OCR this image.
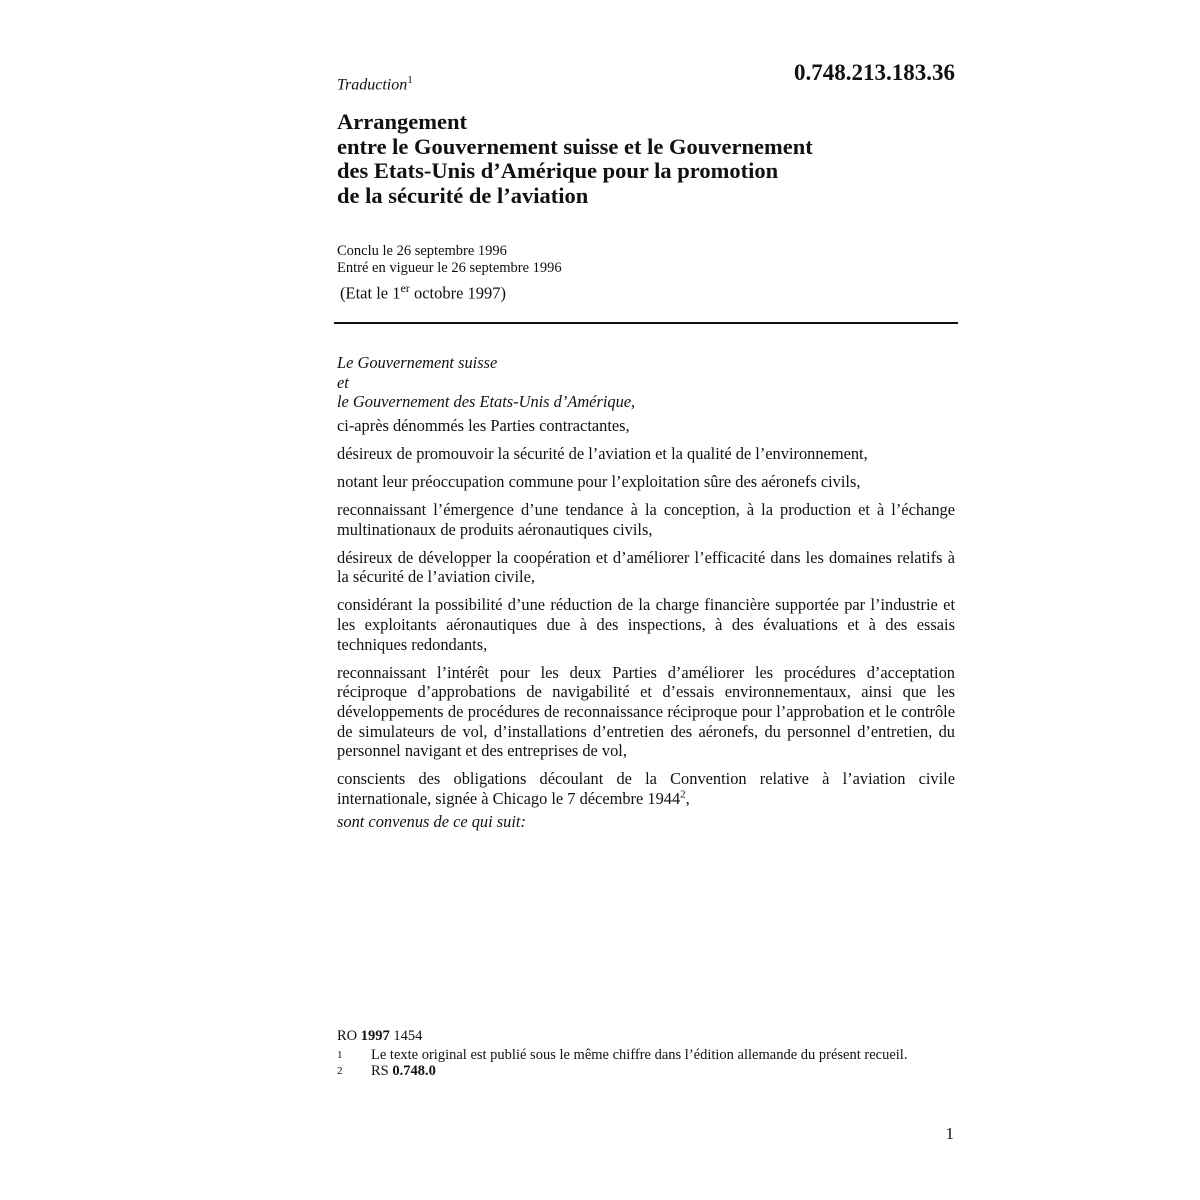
Traduction$^1$	0.748.213.183.36
Arrangement
entre le Gouvernement suisse et le Gouvernement
des Etats-Unis d’Amérique pour la promotion
de la sécurité de l’aviation
Conclu le 26 septembre 1996
Entré en vigueur le 26 septembre 1996
(Etat le 1er octobre 1997)

Le Gouvernement suisse
et
le Gouvernement des Etats-Unis d’Amérique,

ci-après dénommés les Parties contractantes,

désireux de promouvoir la sécurité de l’aviation et la qualité de l’environnement,

notant leur préoccupation commune pour l’exploitation sûre des aéronefs civils,

reconnaissant l’émergence d’une tendance à la conception, à la production et à l’échange multinationaux de produits aéronautiques civils,

désireux de développer la coopération et d’améliorer l’efficacité dans les domaines relatifs à la sécurité de l’aviation civile,

considérant la possibilité d’une réduction de la charge financière supportée par l’industrie et les exploitants aéronautiques due à des inspections, à des évaluations et à des essais techniques redondants,

reconnaissant l’intérêt pour les deux Parties d’améliorer les procédures d’acceptation réciproque d’approbations de navigabilité et d’essais environnementaux, ainsi que les développements de procédures de reconnaissance réciproque pour l’approbation et le contrôle de simulateurs de vol, d’installations d’entretien des aéronefs, du personnel d’entretien, du personnel navigant et des entreprises de vol,

conscients des obligations découlant de la Convention relative à l’aviation civile internationale, signée à Chicago le 7 décembre 1944$^2$,

sont convenus de ce qui suit:

RO 1997 1454
1	Le texte original est publié sous le même chiffre dans l’édition allemande du présent recueil.
2	RS 0.748.0
1
